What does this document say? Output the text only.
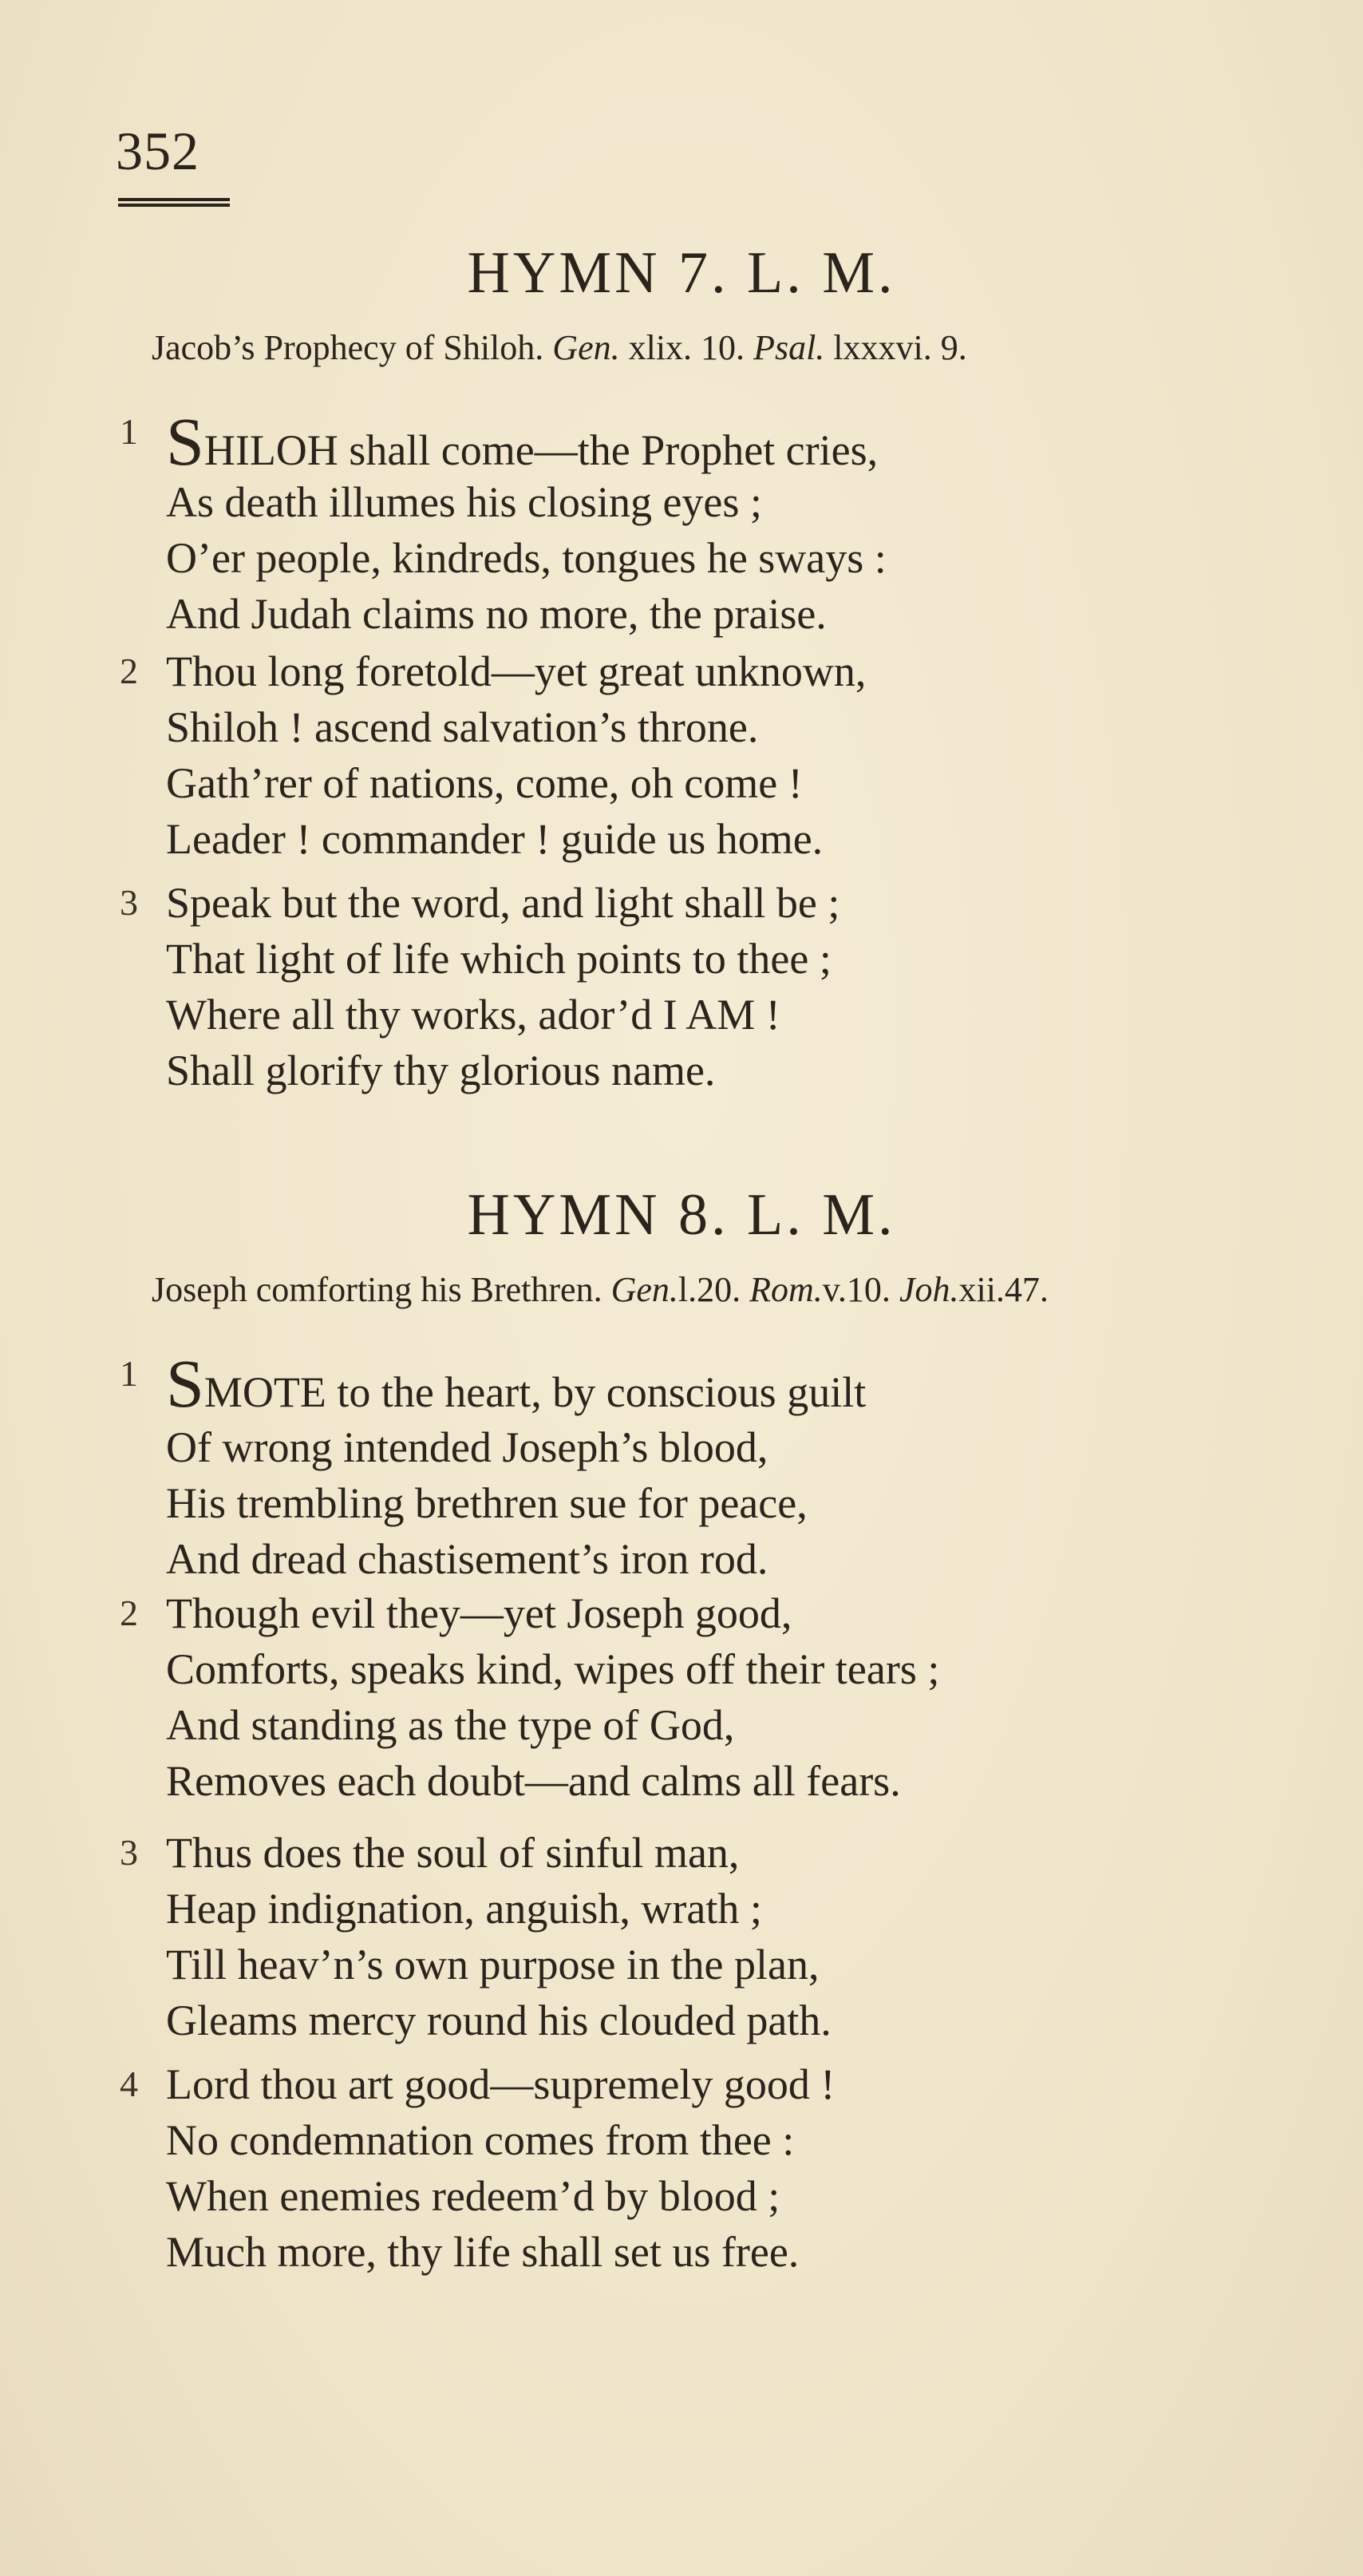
352
HYMN 7. L. M.
Jacob’s Prophecy of Shiloh. Gen. xlix. 10. Psal. lxxxvi. 9.
1 SHILOH shall come—the Prophet cries,
As death illumes his closing eyes ;
O’er people, kindreds, tongues he sways :
And Judah claims no more, the praise.
2 Thou long foretold—yet great unknown,
Shiloh ! ascend salvation’s throne.
Gath’rer of nations, come, oh come !
Leader ! commander ! guide us home.
3 Speak but the word, and light shall be ;
That light of life which points to thee ;
Where all thy works, ador’d I AM !
Shall glorify thy glorious name.
HYMN 8. L. M.
Joseph comforting his Brethren. Gen.l.20. Rom.v.10. Joh.xii.47.
1 SMOTE to the heart, by conscious guilt
Of wrong intended Joseph’s blood,
His trembling brethren sue for peace,
And dread chastisement’s iron rod.
2 Though evil they—yet Joseph good,
Comforts, speaks kind, wipes off their tears ;
And standing as the type of God,
Removes each doubt—and calms all fears.
3 Thus does the soul of sinful man,
Heap indignation, anguish, wrath ;
Till heav’n’s own purpose in the plan,
Gleams mercy round his clouded path.
4 Lord thou art good—supremely good !
No condemnation comes from thee :
When enemies redeem’d by blood ;
Much more, thy life shall set us free.
